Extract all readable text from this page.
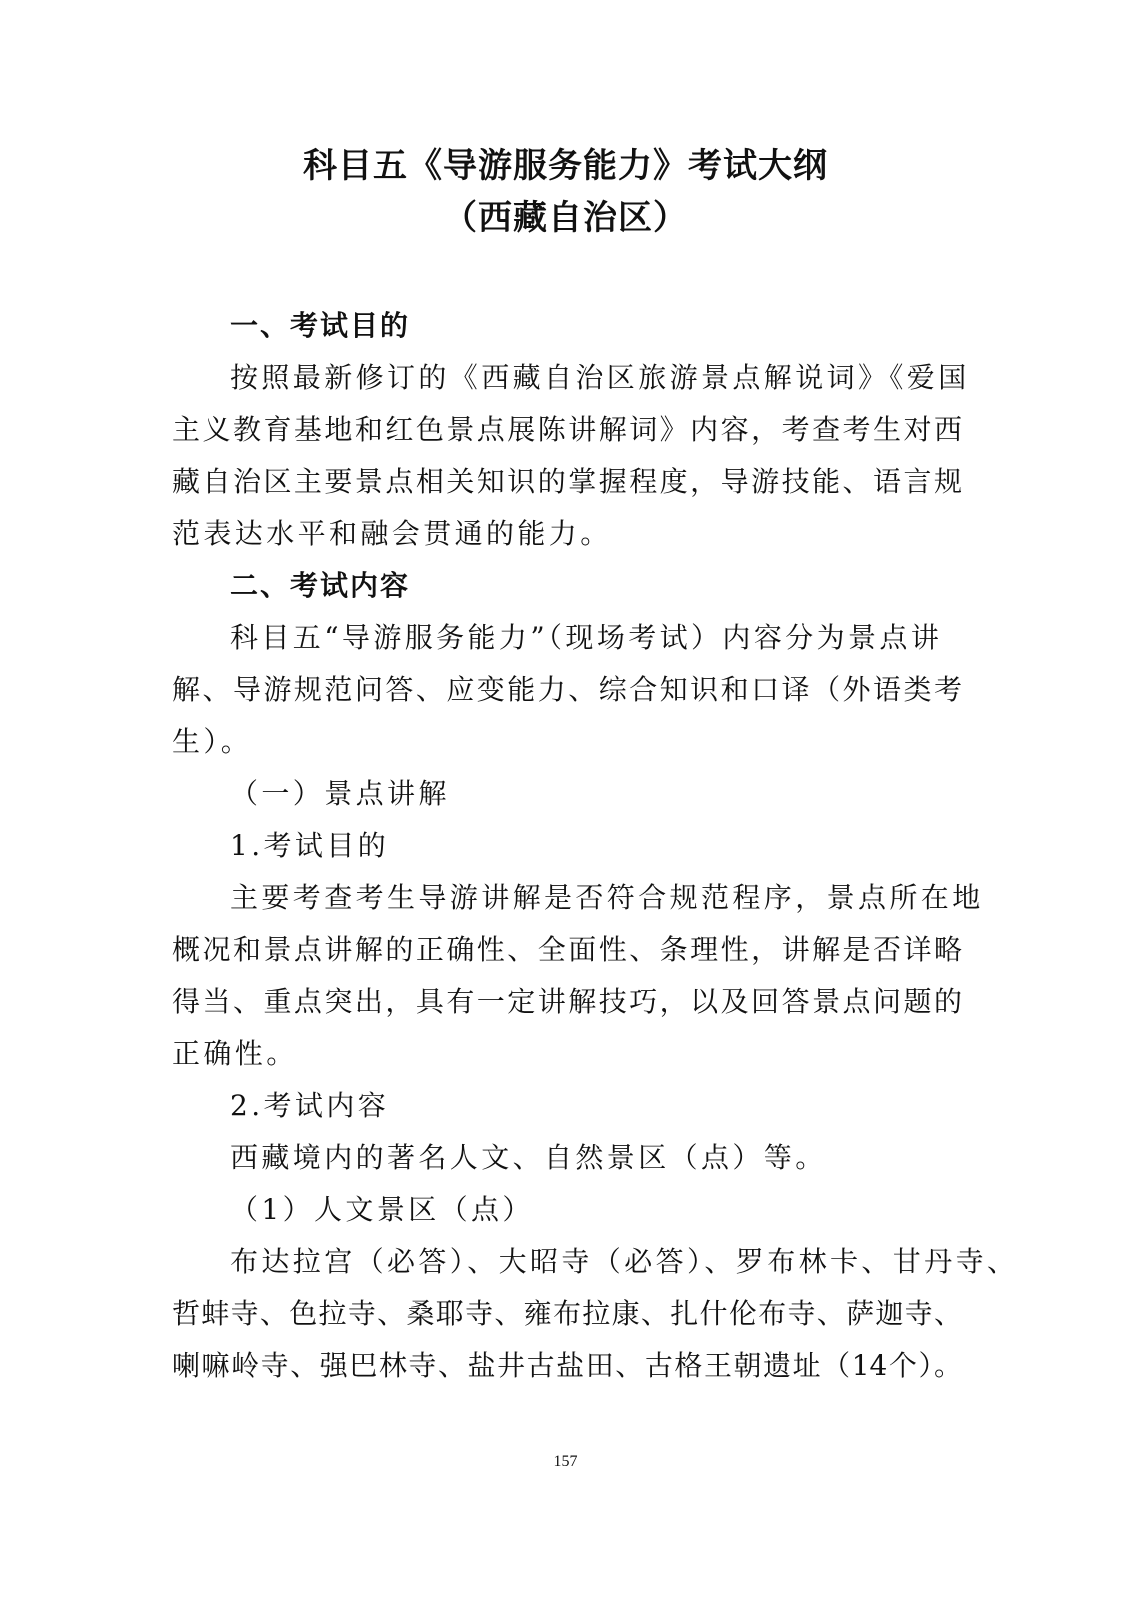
科目五《导游服务能力》考试大纲
（西藏自治区）
一、考试目的
按照最新修订的《西藏自治区旅游景点解说词》《爱国
主义教育基地和红色景点展陈讲解词》内容，考查考生对西
藏自治区主要景点相关知识的掌握程度，导游技能、语言规
范表达水平和融会贯通的能力。
二、考试内容
科目五“导游服务能力”（现场考试）内容分为景点讲
解、导游规范问答、应变能力、综合知识和口译（外语类考
生）。
（一）景点讲解
1.考试目的
主要考查考生导游讲解是否符合规范程序，景点所在地
概况和景点讲解的正确性、全面性、条理性，讲解是否详略
得当、重点突出，具有一定讲解技巧，以及回答景点问题的
正确性。
2.考试内容
西藏境内的著名人文、自然景区（点）等。
（1）人文景区（点）
布达拉宫（必答）、大昭寺（必答）、罗布林卡、甘丹寺、
哲蚌寺、色拉寺、桑耶寺、雍布拉康、扎什伦布寺、萨迦寺、
喇嘛岭寺、强巴林寺、盐井古盐田、古格王朝遗址（14个）。
157
